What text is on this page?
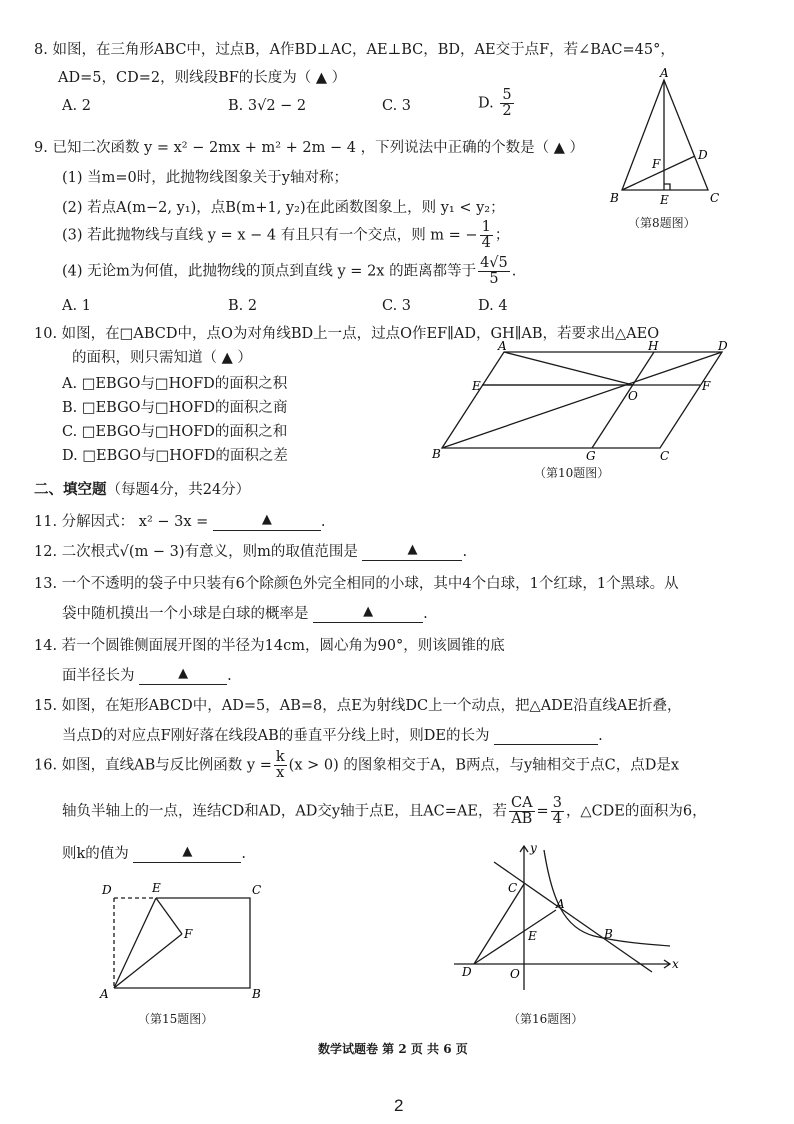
8. 如图，在三角形ABC中，过点B，A作BD⊥AC，AE⊥BC，BD，AE交于点F，若∠BAC=45°，
AD=5，CD=2，则线段BF的长度为（ ▲ ）
A. 2	B. 3√2 − 2	C. 3	D. $\frac{5}{2}$
A
B	C
D
E
F
（第8题图）
9. 已知二次函数 y = x² − 2mx + m² + 2m − 4 ，下列说法中正确的个数是（ ▲ ）
(1) 当m=0时，此抛物线图象关于y轴对称；
(2) 若点A(m−2, y₁)，点B(m+1, y₂)在此函数图象上，则 y₁ < y₂；
(3) 若此抛物线与直线 y = x − 4 有且只有一个交点，则 m = − $\frac{1}{4}$ ；
(4) 无论m为何值，此抛物线的顶点到直线 y = 2x 的距离都等于 $\frac{4√5}{5}$ .
A. 1	B. 2	C. 3	D. 4
10. 如图，在□ABCD中，点O为对角线BD上一点，过点O作EF∥AD，GH∥AB，若要求出△AEO
的面积，则只需知道（ ▲ ）
A. □EBGO与□HOFD的面积之积
B. □EBGO与□HOFD的面积之商
C. □EBGO与□HOFD的面积之和
D. □EBGO与□HOFD的面积之差
A	H	D
E
O
F
B	G	C
（第10题图）
二、填空题（每题4分，共24分）
11. 分解因式： x² − 3x =	▲	.
12. 二次根式√(m − 3)有意义，则m的取值范围是	▲	.
13. 一个不透明的袋子中只装有6个除颜色外完全相同的小球，其中4个白球，1个红球，1个黑球。从
袋中随机摸出一个小球是白球的概率是	▲	.
14. 若一个圆锥侧面展开图的半径为14cm，圆心角为90°，则该圆锥的底
面半径长为	▲	.
15. 如图，在矩形ABCD中，AD=5，AB=8，点E为射线DC上一个动点，把△ADE沿直线AE折叠，
当点D的对应点F刚好落在线段AB的垂直平分线上时，则DE的长为	.
16. 如图，直线AB与反比例函数 $y = \frac{k}{x} (x > 0)$ 的图象相交于A，B两点，与y轴相交于点C，点D是x
轴负半轴上的一点，连结CD和AD，AD交y轴于点E，且AC=AE，若 $\frac{CA}{AB} = \frac{3}{4}$ ，△CDE的面积为6，
则k的值为	▲	.
D	E	C
F
A	B
（第15题图）
y
x
O
C
A
E	B
D
（第16题图）
数学试题卷 第 2 页 共 6 页
2
